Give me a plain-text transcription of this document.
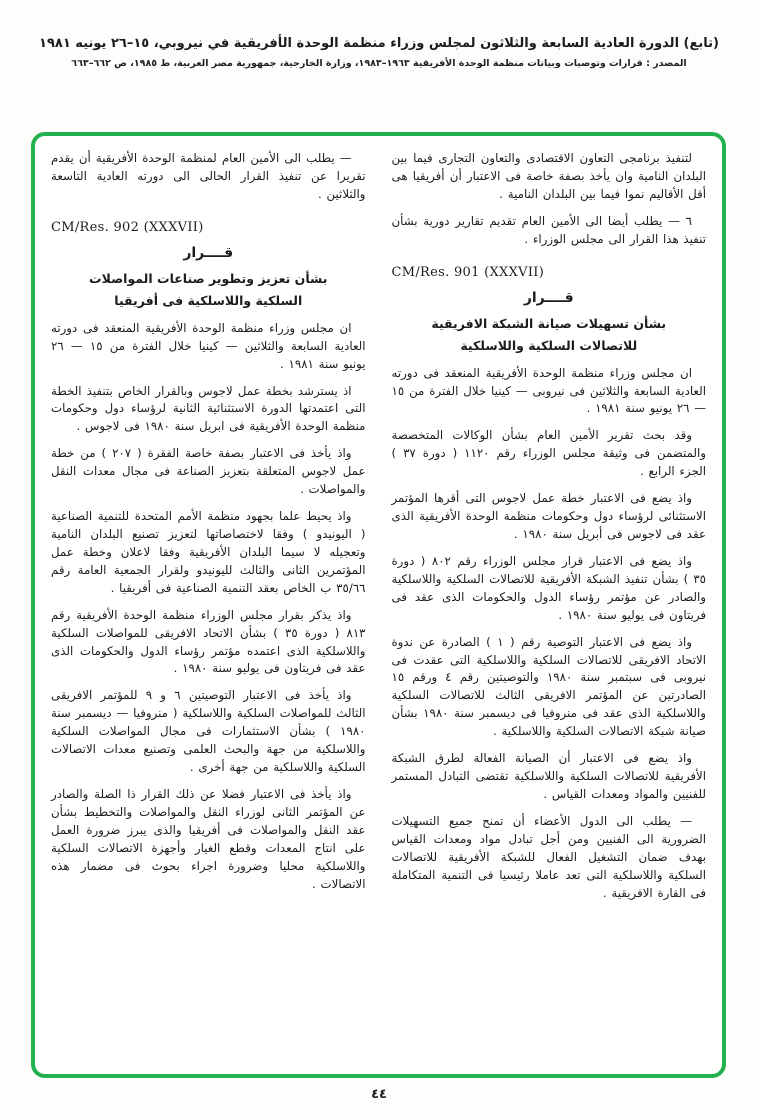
(تابع) الدورة العادية السابعة والثلاثون لمجلس وزراء منظمة الوحدة الأفريقية في نيروبي، ١٥–٢٦ يونيه ١٩٨١
المصدر : قرارات وتوصيات وبيانات منظمة الوحدة الأفريقية ١٩٦٣–١٩٨٣، وزارة الخارجية، جمهورية مصر العربية، ط ١٩٨٥، ص ٦٦٢–٦٦٣
لتنفيذ برنامجى التعاون الاقتصادى والتعاون التجارى فيما بين البلدان النامية وان يأخذ بصفة خاصة فى الاعتبار أن أفريقيا هى أقل الأقاليم نموا فيما بين البلدان النامية .
٦ — يطلب أيضا الى الأمين العام تقديم تقارير دورية بشأن تنفيذ هذا القرار الى مجلس الوزراء .
CM/Res. 901 (XXXVII)
قــــرار
بشأن تسهيلات صيانة الشبكة الافريقية
للاتصالات السلكية واللاسلكية
ان مجلس وزراء منظمة الوحدة الأفريقية المنعقد فى دورته العادية السابعة والثلاثين فى نيروبى — كينيا خلال الفترة من ١٥ — ٢٦ يونيو سنة ١٩٨١ .
وقد بحث تقرير الأمين العام بشأن الوكالات المتخصصة والمتضمن فى وثيقة مجلس الوزراء رقم ١١٢٠ ( دورة ٣٧ ) الجزء الرابع .
واذ يضع فى الاعتبار خطة عمل لاجوس التى أقرها المؤتمر الاستثنائى لرؤساء دول وحكومات منظمة الوحدة الأفريقية الذى عقد فى لاجوس فى أبريل سنة ١٩٨٠ .
واذ يضع فى الاعتبار قرار مجلس الوزراء رقم ٨٠٢ ( دورة ٣٥ ) بشأن تنفيذ الشبكة الأفريقية للاتصالات السلكية واللاسلكية والصادر عن مؤتمر رؤساء الدول والحكومات الذى عقد فى فريتاون فى يوليو سنة ١٩٨٠ .
واذ يضع فى الاعتبار التوصية رقم ( ١ ) الصادرة عن ندوة الاتحاد الافريقى للاتصالات السلكية واللاسلكية التى عقدت فى نيروبى فى سبتمبر سنة ١٩٨٠ والتوصيتين رقم ٤ ورقم ١٥ الصادرتين عن المؤتمر الافريقى الثالث للاتصالات السلكية واللاسلكية الذى عقد فى منروفيا فى ديسمبر سنة ١٩٨٠ بشأن صيانة شبكة الاتصالات السلكية واللاسلكية .
واذ يضع فى الاعتبار أن الصيانة الفعالة لطرق الشبكة الأفريقية للاتصالات السلكية واللاسلكية تقتضى التبادل المستمر للفنيين والمواد ومعدات القياس .
— يطلب الى الدول الأعضاء أن تمنح جميع التسهيلات الضرورية الى الفنيين ومن أجل تبادل مواد ومعدات القياس بهدف ضمان التشغيل الفعال للشبكة الأفريقية للاتصالات السلكية واللاسلكية التى تعد عاملا رئيسيا فى التنمية المتكاملة فى القارة الافريقية .
— يطلب الى الأمين العام لمنظمة الوحدة الأفريقية أن يقدم تقريرا عن تنفيذ القرار الحالى الى دورته العادية التاسعة والثلاثين .
CM/Res. 902 (XXXVII)
قــــرار
بشأن تعزيز وتطوير صناعات المواصلات
السلكية واللاسلكية فى أفريقيا
ان مجلس وزراء منظمة الوحدة الأفريقية المنعقد فى دورته العادية السابعة والثلاثين — كينيا خلال الفترة من ١٥ — ٢٦ يونيو سنة ١٩٨١ .
اذ يسترشد بخطة عمل لاجوس وبالقرار الخاص بتنفيذ الخطة التى اعتمدتها الدورة الاستثنائية الثانية لرؤساء دول وحكومات منظمة الوحدة الأفريقية فى ابريل سنة ١٩٨٠ فى لاجوس .
واذ يأخذ فى الاعتبار بصفة خاصة الفقرة ( ٢٠٧ ) من خطة عمل لاجوس المتعلقة بتعزيز الصناعة فى مجال معدات النقل والمواصلات .
واذ يحيط علما بجهود منظمة الأمم المتحدة للتنمية الصناعية ( اليونيدو ) وفقا لاختصاصاتها لتعزيز تصنيع البلدان النامية وتعجيله لا سيما البلدان الأفريقية وفقا لاعلان وخطة عمل المؤتمرين الثانى والثالث لليونيدو ولقرار الجمعية العامة رقم ٣٥/٦٦ ب الخاص بعقد التنمية الصناعية فى أفريقيا .
واذ يذكر بقرار مجلس الوزراء منظمة الوحدة الأفريقية رقم ٨١٣ ( دورة ٣٥ ) بشأن الاتحاد الافريقى للمواصلات السلكية واللاسلكية الذى اعتمده مؤتمر رؤساء الدول والحكومات الذى عقد فى فريتاون فى يوليو سنة ١٩٨٠ .
واذ يأخذ فى الاعتبار التوصيتين ٦ و ٩ للمؤتمر الافريقى الثالث للمواصلات السلكية واللاسلكية ( منروفيا — ديسمبر سنة ١٩٨٠ ) بشأن الاستثمارات فى مجال المواصلات السلكية واللاسلكية من جهة والبحث العلمى وتصنيع معدات الاتصالات السلكية واللاسلكية من جهة أخرى .
واذ يأخذ فى الاعتبار فضلا عن ذلك القرار ذا الصلة والصادر عن المؤتمر الثانى لوزراء النقل والمواصلات والتخطيط بشأن عقد النقل والمواصلات فى أفريقيا والذى يبرز ضرورة العمل على انتاج المعدات وقطع الغيار وأجهزة الاتصالات السلكية واللاسلكية محليا وضرورة اجراء بحوث فى مضمار هذه الاتصالات .
٤٤
